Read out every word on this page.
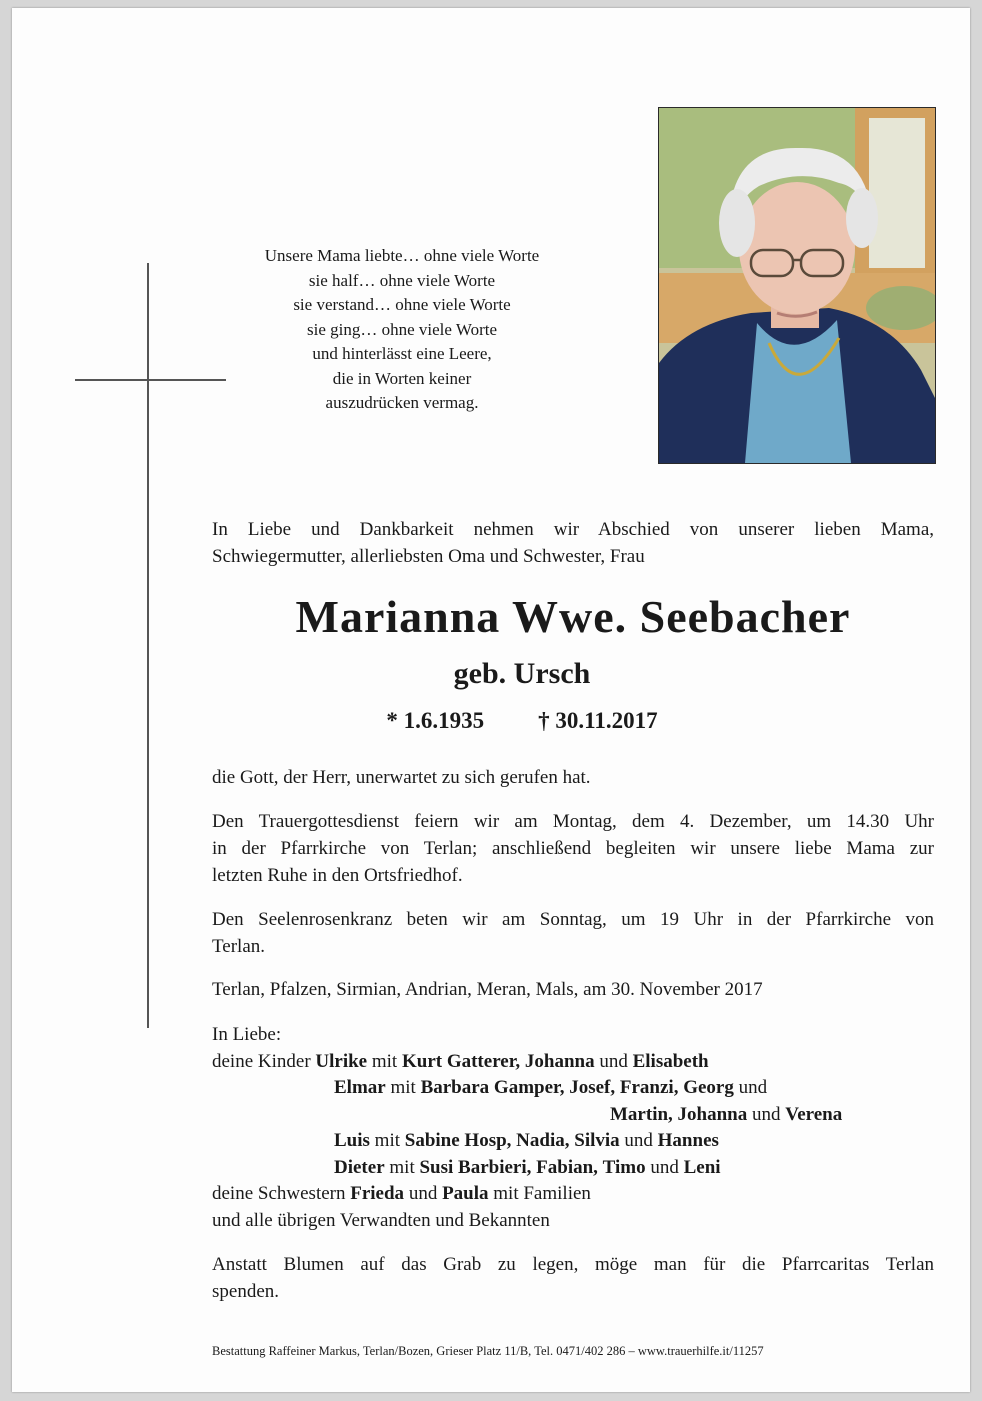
Unsere Mama liebte… ohne viele Worte
sie half… ohne viele Worte
sie verstand… ohne viele Worte
sie ging… ohne viele Worte
und hinterlässt eine Leere,
die in Worten keiner
auszudrücken vermag.
In Liebe und Dankbarkeit nehmen wir Abschied von unserer lieben Mama,
Schwiegermutter, allerliebsten Oma und Schwester, Frau
Marianna Wwe. Seebacher
geb. Ursch
* 1.6.1935 † 30.11.2017
die Gott, der Herr, unerwartet zu sich gerufen hat.
Den Trauergottesdienst feiern wir am Montag, dem 4. Dezember, um 14.30 Uhr
in der Pfarrkirche von Terlan; anschließend begleiten wir unsere liebe Mama zur
letzten Ruhe in den Ortsfriedhof.
Den Seelenrosenkranz beten wir am Sonntag, um 19 Uhr in der Pfarrkirche von
Terlan.
Terlan, Pfalzen, Sirmian, Andrian, Meran, Mals, am 30. November 2017
In Liebe:
deine Kinder Ulrike mit Kurt Gatterer, Johanna und Elisabeth
Elmar mit Barbara Gamper, Josef, Franzi, Georg und
Martin, Johanna und Verena
Luis mit Sabine Hosp, Nadia, Silvia und Hannes
Dieter mit Susi Barbieri, Fabian, Timo und Leni
deine Schwestern Frieda und Paula mit Familien
und alle übrigen Verwandten und Bekannten
Anstatt Blumen auf das Grab zu legen, möge man für die Pfarrcaritas Terlan
spenden.
Bestattung Raffeiner Markus, Terlan/Bozen, Grieser Platz 11/B, Tel. 0471/402 286 – www.trauerhilfe.it/11257
